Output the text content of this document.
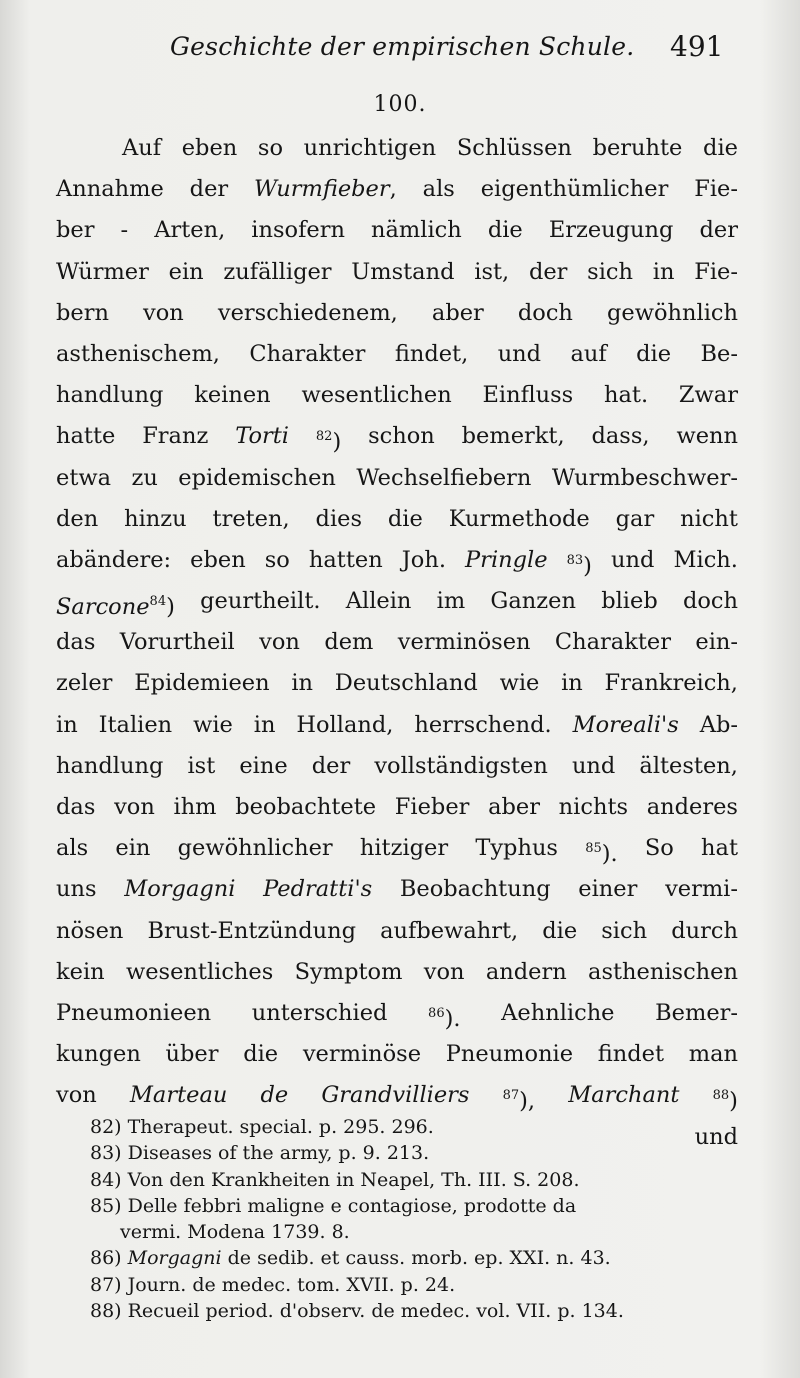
Geschichte der empirischen Schule. 491
100.
Auf eben so unrichtigen Schlüssen beruhte die
Annahme der Wurmfieber, als eigenthümlicher Fie-
ber - Arten, insofern nämlich die Erzeugung der
Würmer ein zufälliger Umstand ist, der sich in Fie-
bern von verschiedenem, aber doch gewöhnlich
asthenischem, Charakter findet, und auf die Be-
handlung keinen wesentlichen Einfluss hat. Zwar
hatte Franz Torti $^{82}$) schon bemerkt, dass, wenn
etwa zu epidemischen Wechselfiebern Wurmbeschwer-
den hinzu treten, dies die Kurmethode gar nicht
abändere: eben so hatten Joh. Pringle $^{83}$) und Mich.
Sarcone$^{84}$) geurtheilt. Allein im Ganzen blieb doch
das Vorurtheil von dem verminösen Charakter ein-
zeler Epidemieen in Deutschland wie in Frankreich,
in Italien wie in Holland, herrschend. Moreali's Ab-
handlung ist eine der vollständigsten und ältesten,
das von ihm beobachtete Fieber aber nichts anderes
als ein gewöhnlicher hitziger Typhus $^{85}$). So hat
uns Morgagni Pedratti's Beobachtung einer vermi-
nösen Brust-Entzündung aufbewahrt, die sich durch
kein wesentliches Symptom von andern asthenischen
Pneumonieen unterschied	$^{86}$). Aehnliche Bemer-
kungen über die verminöse Pneumonie findet man
von Marteau de Grandvilliers	$^{87}$), Marchant	$^{88}$)
und
82) Therapeut. special. p. 295. 296.
83) Diseases of the army, p. 9. 213.
84) Von den Krankheiten in Neapel, Th. III. S. 208.
85) Delle febbri maligne e contagiose, prodotte da
vermi. Modena 1739. 8.
86) Morgagni de sedib. et causs. morb. ep. XXI. n. 43.
87) Journ. de medec. tom. XVII. p. 24.
88) Recueil period. d'observ. de medec. vol. VII. p. 134.
